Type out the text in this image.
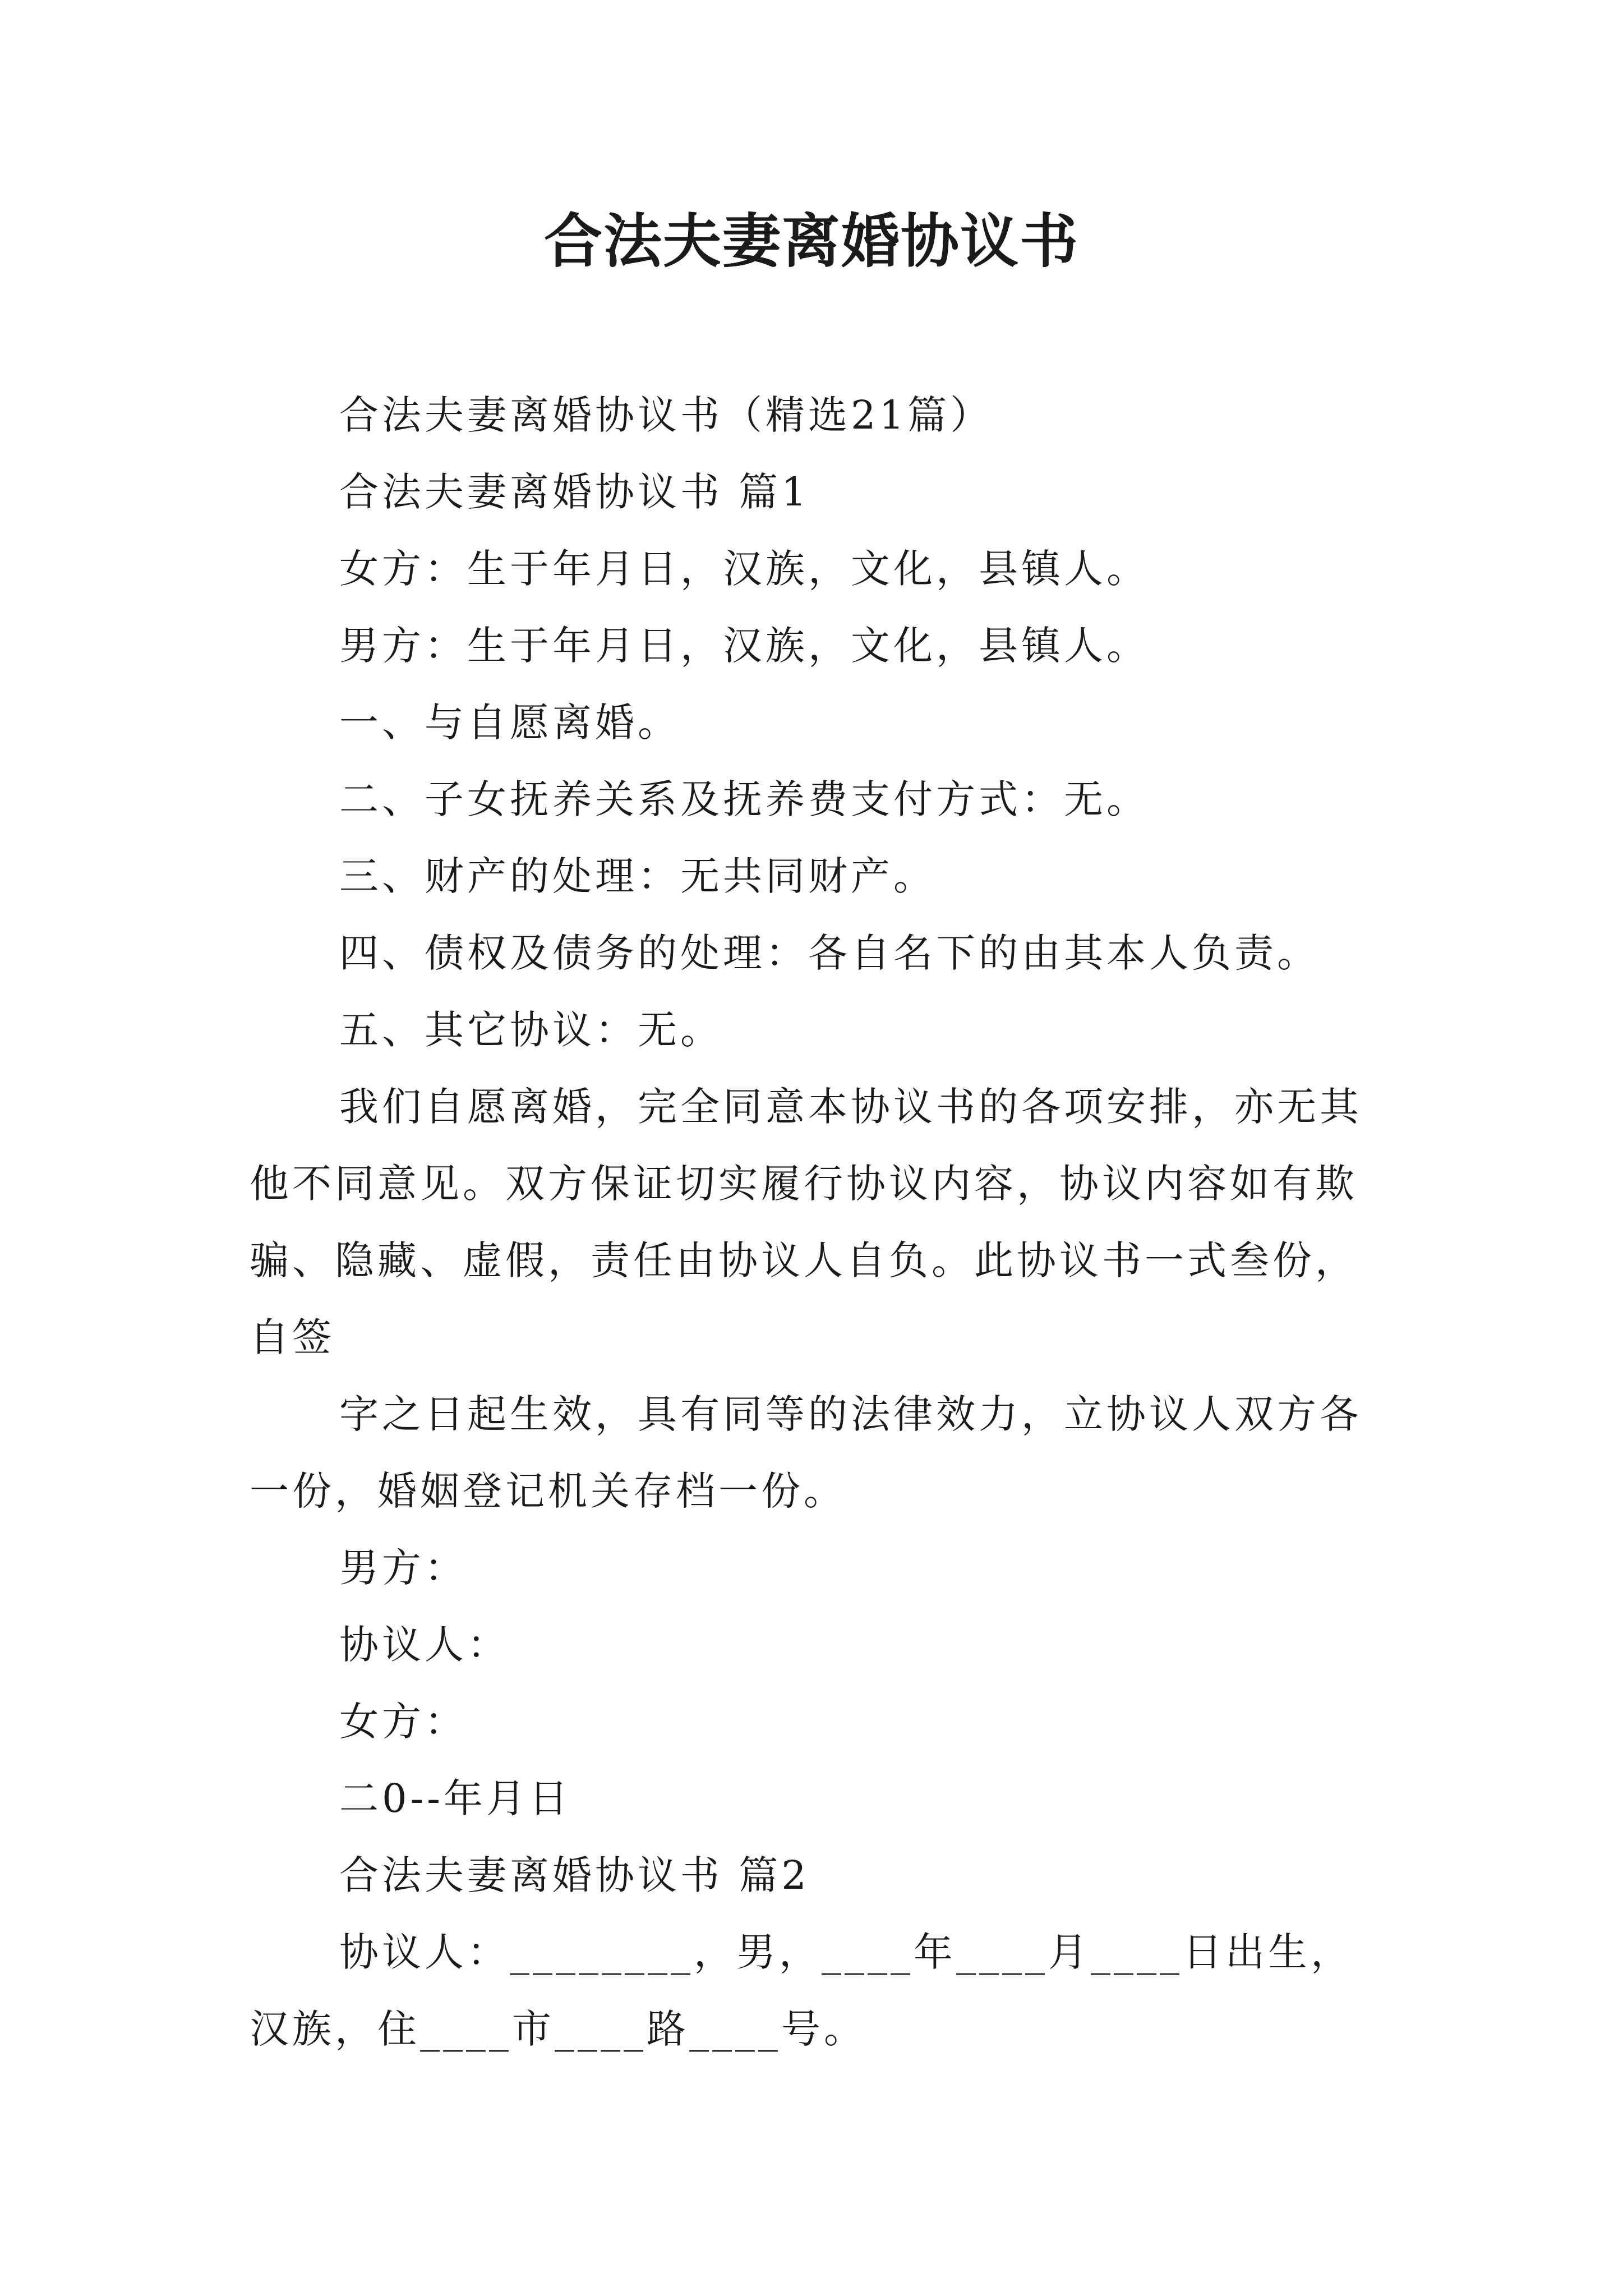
合法夫妻离婚协议书

合法夫妻离婚协议书（精选21篇）

合法夫妻离婚协议书 篇1

女方：生于年月日，汉族，文化，县镇人。

男方：生于年月日，汉族，文化，县镇人。

一、与自愿离婚。

二、子女抚养关系及抚养费支付方式：无。

三、财产的处理：无共同财产。

四、债权及债务的处理：各自名下的由其本人负责。

五、其它协议：无。

我们自愿离婚，完全同意本协议书的各项安排，亦无其他不同意见。双方保证切实履行协议内容，协议内容如有欺骗、隐藏、虚假，责任由协议人自负。此协议书一式叁份，自签

字之日起生效，具有同等的法律效力，立协议人双方各一份，婚姻登记机关存档一份。

男方：

协议人：

女方：

二0--年月日

合法夫妻离婚协议书 篇2

协议人：________，男，____年____月____日出生，汉族，住____市____路____号。
